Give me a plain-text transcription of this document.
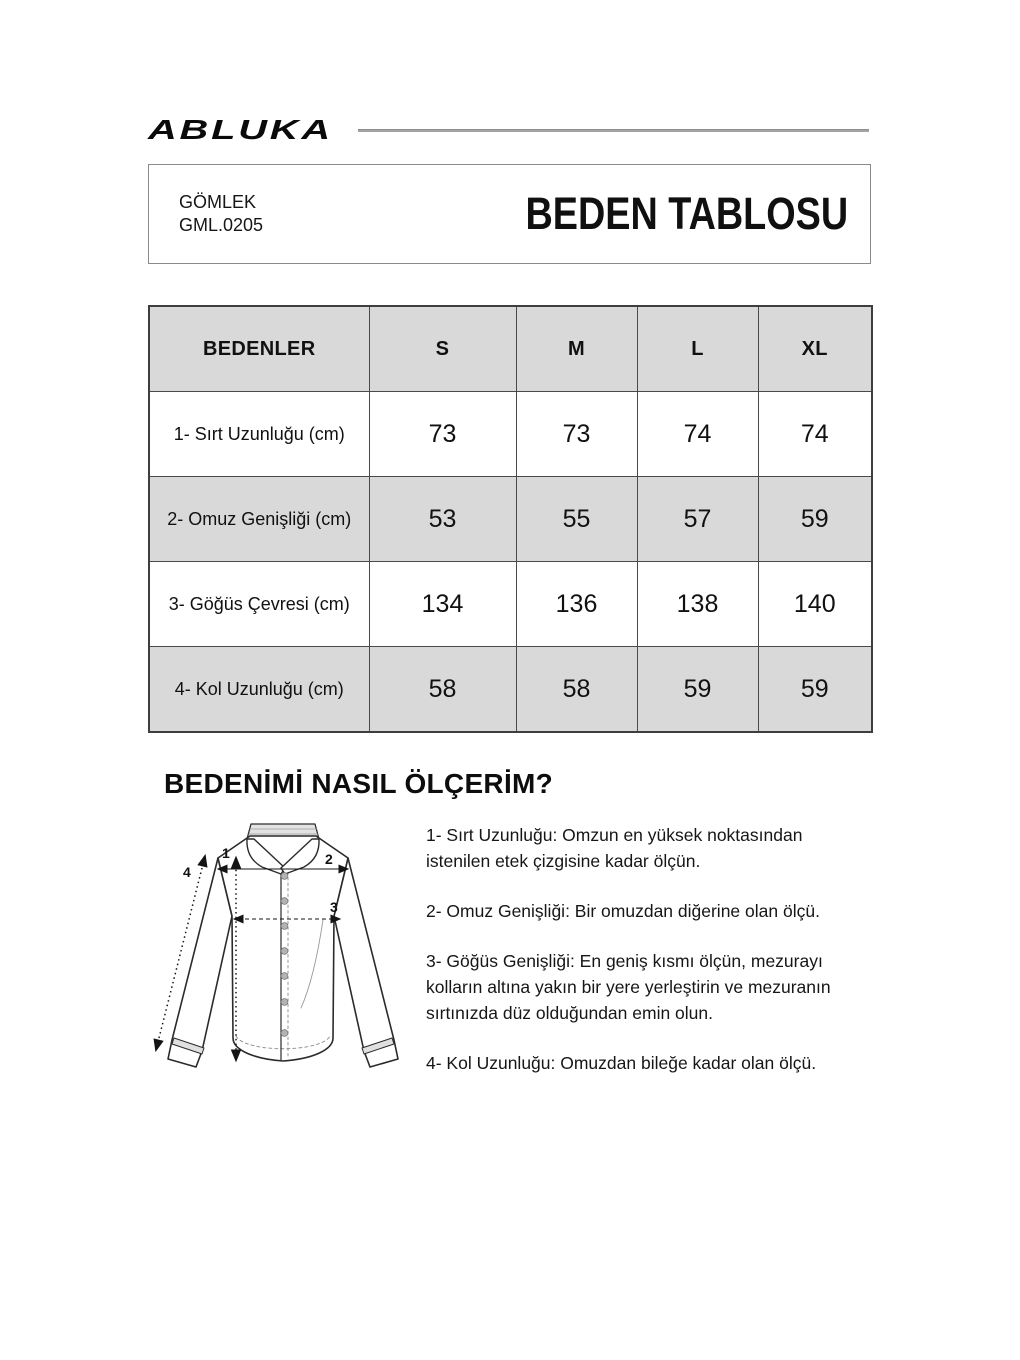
ABLUKA
GÖMLEK
GML.0205	BEDEN TABLOSU
BEDENLER	S	M	L	XL
1- Sırt Uzunluğu (cm)	73	73	74	74
2- Omuz Genişliği (cm)	53	55	57	59
3- Göğüs Çevresi (cm)	134	136	138	140
4- Kol Uzunluğu (cm)	58	58	59	59
BEDENİMİ NASIL ÖLÇERİM?
1	2
3
4

1- Sırt Uzunluğu: Omzun en yüksek noktasından istenilen etek çizgisine kadar ölçün.

2- Omuz Genişliği: Bir omuzdan diğerine olan ölçü.

3- Göğüs Genişliği: En geniş kısmı ölçün, mezurayı kolların altına yakın bir yere yerleştirin ve mezuranın sırtınızda düz olduğundan emin olun.

4- Kol Uzunluğu: Omuzdan bileğe kadar olan ölçü.
